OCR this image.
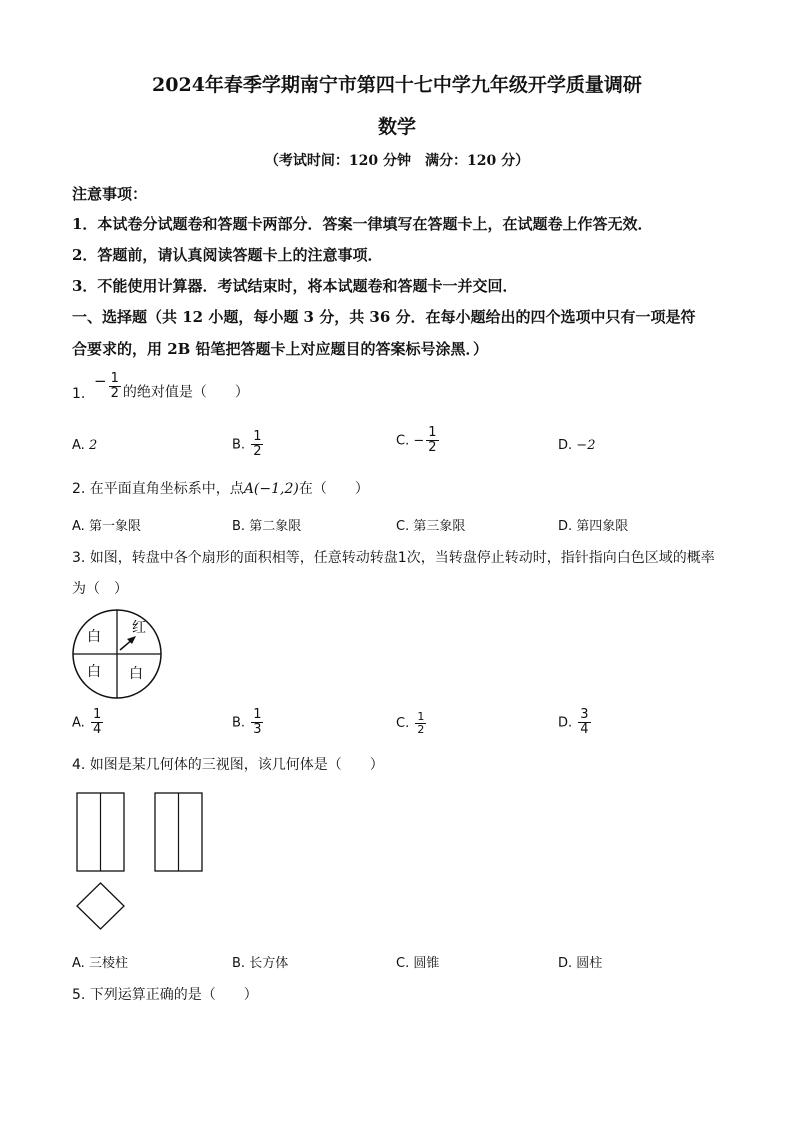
2024年春季学期南宁市第四十七中学九年级开学质量调研
数学
（考试时间：120 分钟　满分：120 分）
注意事项：
1．本试卷分试题卷和答题卡两部分．答案一律填写在答题卡上，在试题卷上作答无效．
2．答题前，请认真阅读答题卡上的注意事项．
3．不能使用计算器．考试结束时，将本试题卷和答题卡一并交回．
一、选择题（共 12 小题，每小题 3 分，共 36 分．在每小题给出的四个选项中只有一项是符
合要求的，用 2B 铅笔把答题卡上对应题目的答案标号涂黑．）
$1.- \frac{1}{2}$ 的绝对值是（　　）
A. 2	B. $\frac{1}{2}$	C. − $\frac{1}{2}$	D. −2
2. 在平面直角坐标系中，点A(−1,2)在（　　）
A. 第一象限	B. 第二象限	C. 第三象限	D. 第四象限
3. 如图，转盘中各个扇形的面积相等，任意转动转盘1次，当转盘停止转动时，指针指向白色区域的概率
为（　）
白
红
白 白
A. $\frac{1}{4}$	B. $\frac{1}{3}$	C. $\frac{1}{2}$	D. $\frac{3}{4}$
4. 如图是某几何体的三视图，该几何体是（　　）
A. 三棱柱	B. 长方体	C. 圆锥	D. 圆柱
5. 下列运算正确的是（　　）
